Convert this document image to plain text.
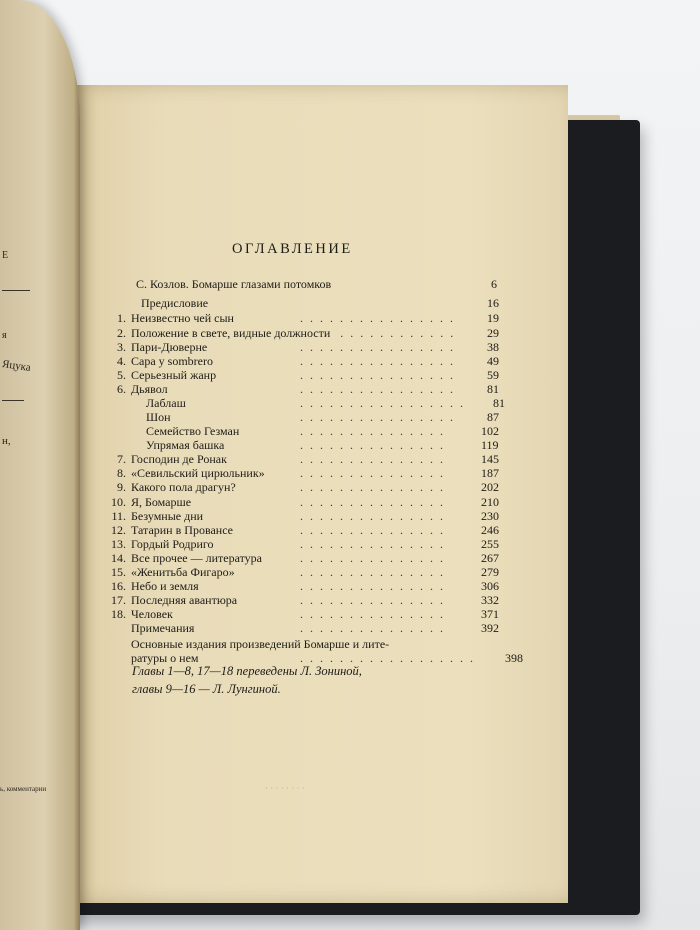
Е
я
Яцука
н,
ь, комментарии
ОГЛАВЛЕНИЕ
С. Козлов. Бомарше глазами потомков	6
Предисловие	16
1. Неизвестно чей сын	19
................
2. Положение в свете, видные должности	29
............
3. Пари-Дюверне	38
................
4. Сара у sombrero	49
................
5. Серьезный жанр	59
................
6. Дьявол	81
................
Лаблаш	81
.................
Шон	87
................
Семейство Гезман	102
...............
Упрямая башка	119
...............
7. Господин де Ронак	145
...............
8. «Севильский цирюльник»	187
...............
9. Какого пола драгун?	202
...............
10. Я, Бомарше	210
...............
11. Безумные дни	230
...............
12. Татарин в Провансе	246
...............
13. Гордый Родриго	255
...............
14. Все прочее — литература	267
...............
15. «Женитьба Фигаро»	279
...............
16. Небо и земля	306
...............
17. Последняя авантюра	332
...............
18. Человек	371
...............
Примечания	392
...............
Основные издания произведений Бомарше и лите-
ратуры о нем	398
..................
Главы 1—8, 17—18 переведены Л. Зониной,
главы 9—16 — Л. Лунгиной.
· · · · · · · ·
